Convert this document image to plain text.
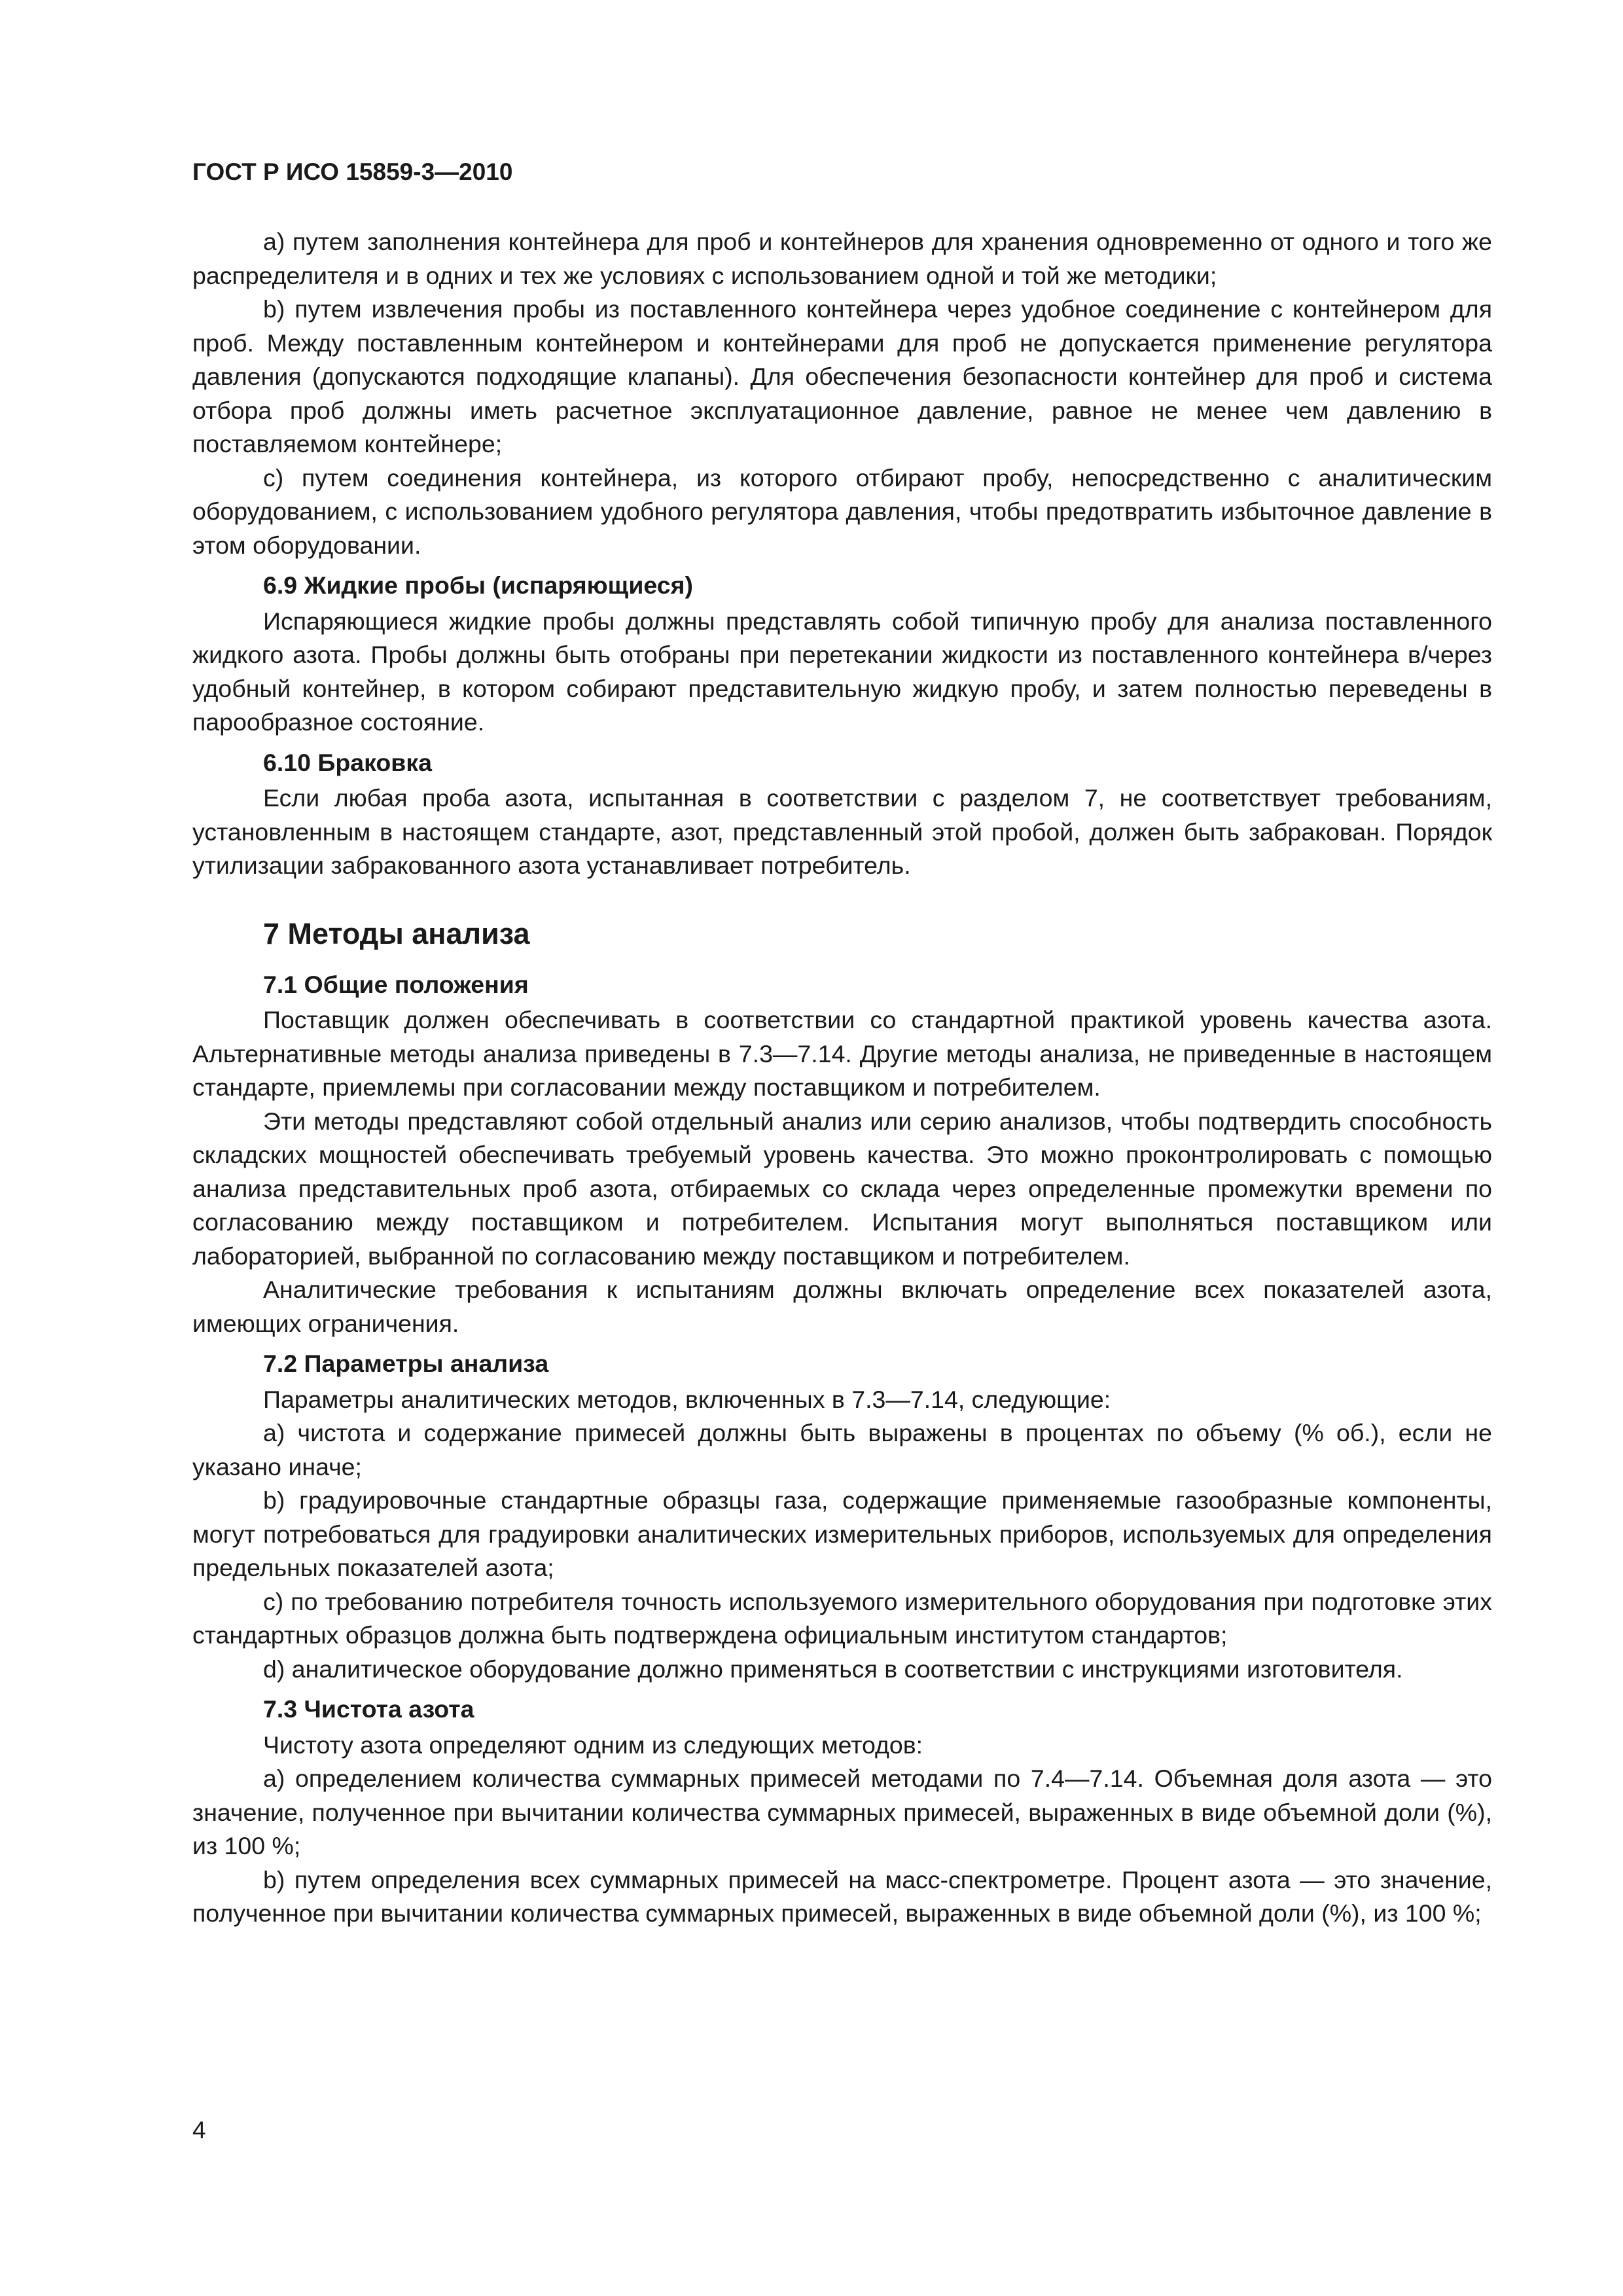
ГОСТ Р ИСО 15859-3—2010

a) путем заполнения контейнера для проб и контейнеров для хранения одновременно от одного и того же распределителя и в одних и тех же условиях с использованием одной и той же методики;

b) путем извлечения пробы из поставленного контейнера через удобное соединение с контейнером для проб. Между поставленным контейнером и контейнерами для проб не допускается применение регулятора давления (допускаются подходящие клапаны). Для обеспечения безопасности контейнер для проб и система отбора проб должны иметь расчетное эксплуатационное давление, равное не менее чем давлению в поставляемом контейнере;

c) путем соединения контейнера, из которого отбирают пробу, непосредственно с аналитическим оборудованием, с использованием удобного регулятора давления, чтобы предотвратить избыточное давление в этом оборудовании.

6.9 Жидкие пробы (испаряющиеся)

Испаряющиеся жидкие пробы должны представлять собой типичную пробу для анализа поставленного жидкого азота. Пробы должны быть отобраны при перетекании жидкости из поставленного контейнера в/через удобный контейнер, в котором собирают представительную жидкую пробу, и затем полностью переведены в парообразное состояние.

6.10 Браковка

Если любая проба азота, испытанная в соответствии с разделом 7, не соответствует требованиям, установленным в настоящем стандарте, азот, представленный этой пробой, должен быть забракован. Порядок утилизации забракованного азота устанавливает потребитель.

7 Методы анализа
7.1 Общие положения

Поставщик должен обеспечивать в соответствии со стандартной практикой уровень качества азота. Альтернативные методы анализа приведены в 7.3—7.14. Другие методы анализа, не приведенные в настоящем стандарте, приемлемы при согласовании между поставщиком и потребителем.

Эти методы представляют собой отдельный анализ или серию анализов, чтобы подтвердить способность складских мощностей обеспечивать требуемый уровень качества. Это можно проконтролировать с помощью анализа представительных проб азота, отбираемых со склада через определенные промежутки времени по согласованию между поставщиком и потребителем. Испытания могут выполняться поставщиком или лабораторией, выбранной по согласованию между поставщиком и потребителем.

Аналитические требования к испытаниям должны включать определение всех показателей азота, имеющих ограничения.

7.2 Параметры анализа

Параметры аналитических методов, включенных в 7.3—7.14, следующие:

a) чистота и содержание примесей должны быть выражены в процентах по объему (% об.), если не указано иначе;

b) градуировочные стандартные образцы газа, содержащие применяемые газообразные компоненты, могут потребоваться для градуировки аналитических измерительных приборов, используемых для определения предельных показателей азота;

c) по требованию потребителя точность используемого измерительного оборудования при подготовке этих стандартных образцов должна быть подтверждена официальным институтом стандартов;

d) аналитическое оборудование должно применяться в соответствии с инструкциями изготовителя.

7.3 Чистота азота

Чистоту азота определяют одним из следующих методов:

a) определением количества суммарных примесей методами по 7.4—7.14. Объемная доля азота — это значение, полученное при вычитании количества суммарных примесей, выраженных в виде объемной доли (%), из 100 %;

b) путем определения всех суммарных примесей на масс-спектрометре. Процент азота — это значение, полученное при вычитании количества суммарных примесей, выраженных в виде объемной доли (%), из 100 %;

4
